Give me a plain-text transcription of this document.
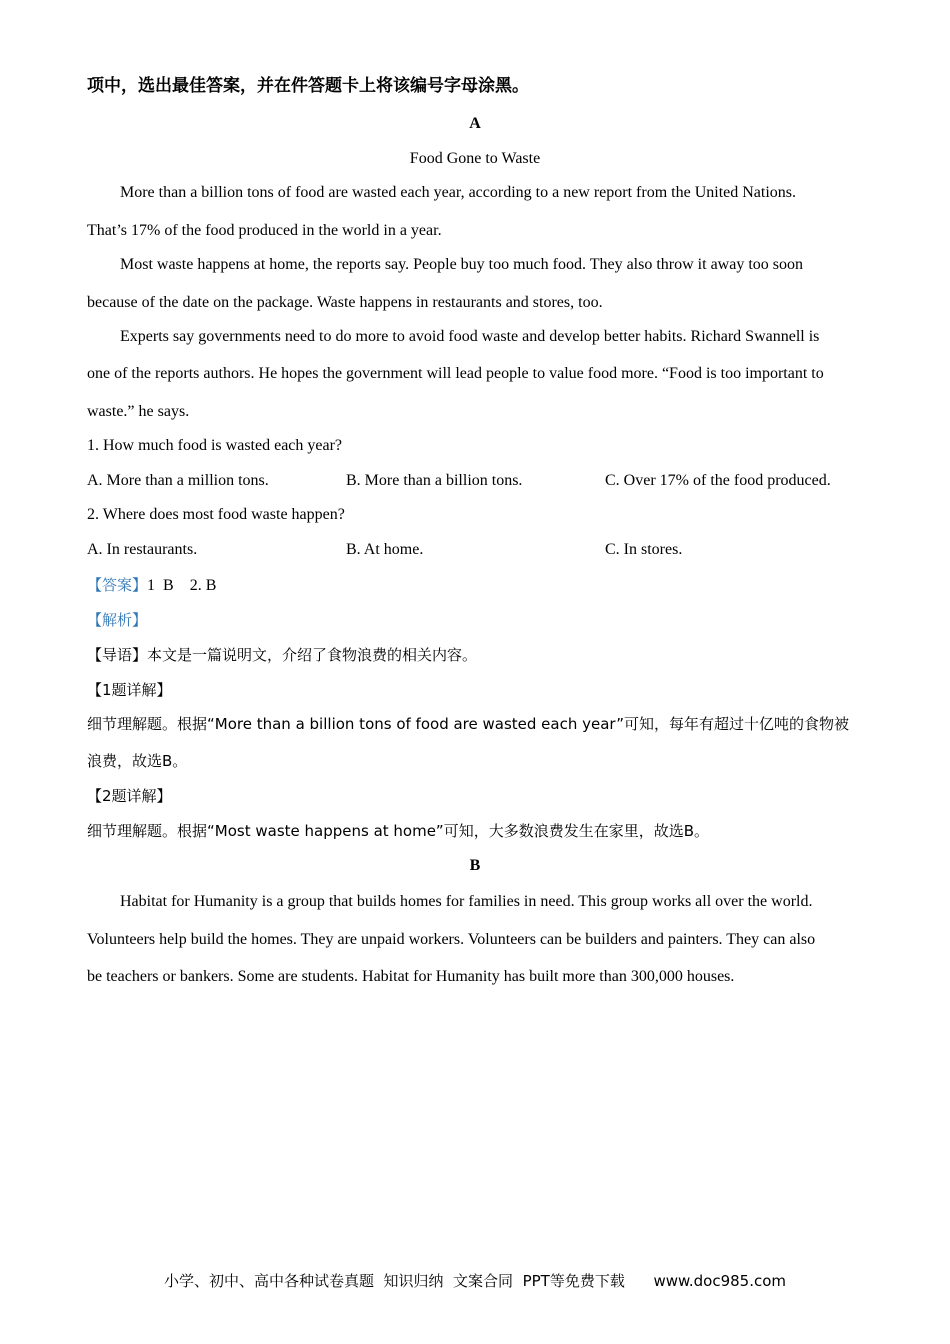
项中，选出最佳答案，并在件答题卡上将该编号字母涂黑。
A
Food Gone to Waste
More than a billion tons of food are wasted each year, according to a new report from the United Nations.
That’s 17% of the food produced in the world in a year.
Most waste happens at home, the reports say. People buy too much food. They also throw it away too soon
because of the date on the package. Waste happens in restaurants and stores, too.
Experts say governments need to do more to avoid food waste and develop better habits. Richard Swannell is
one of the reports authors. He hopes the government will lead people to value food more. “Food is too important to
waste.” he says.
1. How much food is wasted each year?
A. More than a million tons.	B. More than a billion tons.	C. Over 17% of the food produced.
2. Where does most food waste happen?
A. In restaurants.	B. At home.	C. In stores.
【答案】1  B    2. B
【解析】
【导语】本文是一篇说明文，介绍了食物浪费的相关内容。
【1题详解】
细节理解题。根据“More than a billion tons of food are wasted each year”可知，每年有超过十亿吨的食物被
浪费，故选B。
【2题详解】
细节理解题。根据“Most waste happens at home”可知，大多数浪费发生在家里，故选B。
B
Habitat for Humanity is a group that builds homes for families in need. This group works all over the world.
Volunteers help build the homes. They are unpaid workers. Volunteers can be builders and painters. They can also
be teachers or bankers. Some are students. Habitat for Humanity has built more than 300,000 houses.
小学、初中、高中各种试卷真题  知识归纳  文案合同  PPT等免费下载      www.doc985.com
